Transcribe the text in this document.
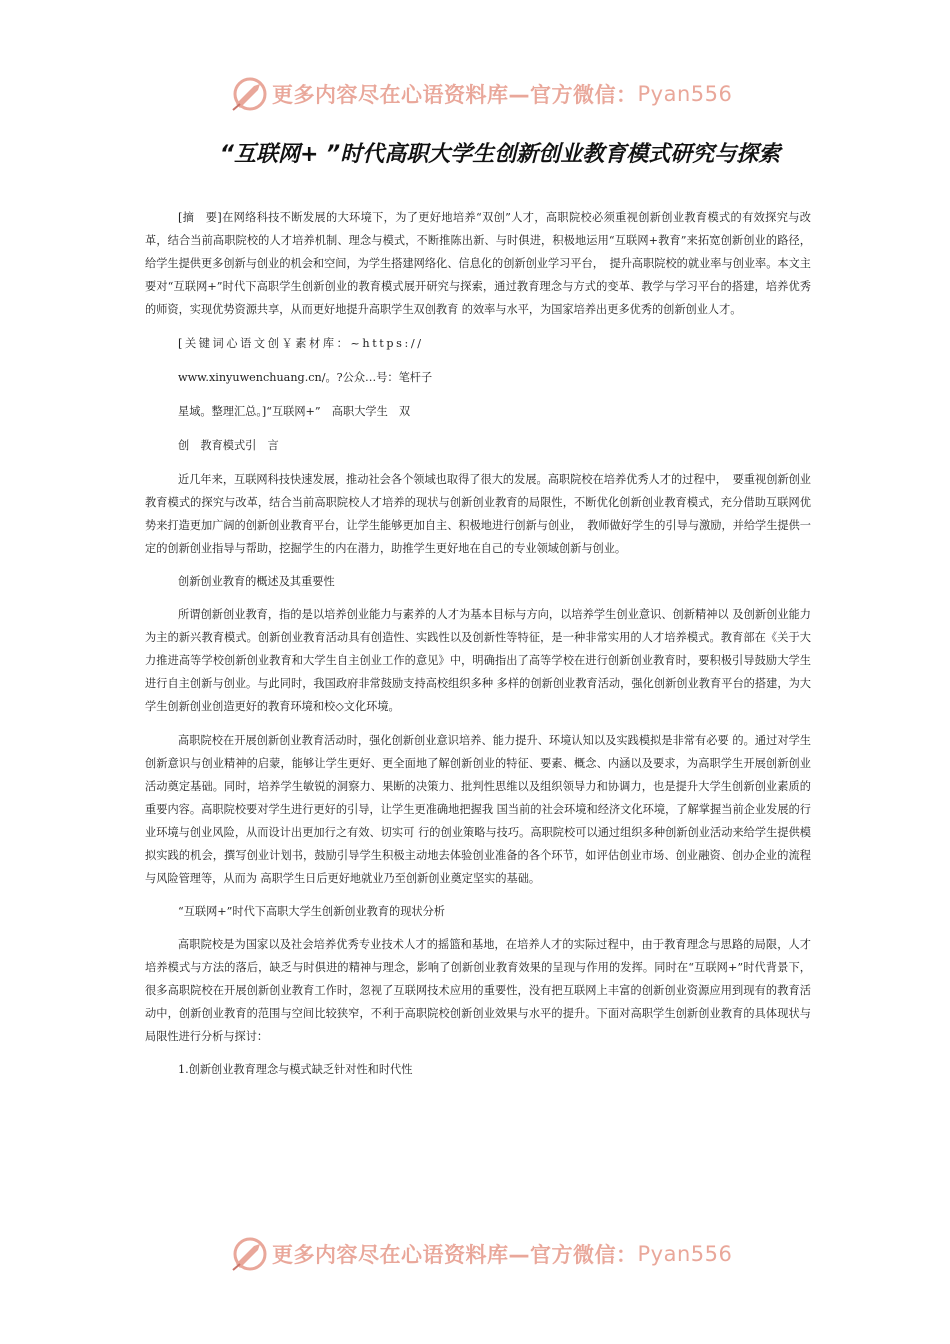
更多内容尽在心语资料库—官方微信： Pyan556
“互联网+ ”时代高职大学生创新创业教育模式研究与探索

[摘　要]在网络科技不断发展的大环境下，为了更好地培养“双创”人才，高职院校必须重视创新创业教育模式的有效探究与改革，结合当前高职院校的人才培养机制、理念与模式，不断推陈出新、与时俱进，积极地运用“互联网+教育”来拓宽创新创业的路径，给学生提供更多创新与创业的机会和空间，为学生搭建网络化、信息化的创新创业学习平台，　提升高职院校的就业率与创业率。本文主要对“互联网+”时代下高职学生创新创业的教育模式展开研究与探索，通过教育理念与方式的变革、教学与学习平台的搭建，培养优秀的师资，实现优势资源共享，从而更好地提升高职学生双创教育 的效率与水平，为国家培养出更多优秀的创新创业人才。

[关键词心语文创￥素材库：~https://

www.xinyuwenchuang.cn/。?公众…号：笔杆子

星域。整理汇总。]“互联网+”　高职大学生　双

创　教育模式引　言

近几年来，互联网科技快速发展，推动社会各个领域也取得了很大的发展。高职院校在培养优秀人才的过程中，　要重视创新创业教育模式的探究与改革，结合当前高职院校人才培养的现状与创新创业教育的局限性，不断优化创新创业教育模式，充分借助互联网优势来打造更加广阔的创新创业教育平台，让学生能够更加自主、积极地进行创新与创业，　教师做好学生的引导与激励，并给学生提供一定的创新创业指导与帮助，挖掘学生的内在潜力，助推学生更好地在自己的专业领域创新与创业。

创新创业教育的概述及其重要性

所谓创新创业教育，指的是以培养创业能力与素养的人才为基本目标与方向，以培养学生创业意识、创新精神以 及创新创业能力为主的新兴教育模式。创新创业教育活动具有创造性、实践性以及创新性等特征，是一种非常实用的人才培养模式。教育部在《关于大力推进高等学校创新创业教育和大学生自主创业工作的意见》中，明确指出了高等学校在进行创新创业教育时，要积极引导鼓励大学生进行自主创新与创业。与此同时，我国政府非常鼓励支持高校组织多种 多样的创新创业教育活动，强化创新创业教育平台的搭建，为大学生创新创业创造更好的教育环境和校◇文化环境。

高职院校在开展创新创业教育活动时，强化创新创业意识培养、能力提升、环境认知以及实践模拟是非常有必要 的。通过对学生创新意识与创业精神的启蒙，能够让学生更好、更全面地了解创新创业的特征、要素、概念、内涵以及要求，为高职学生开展创新创业活动奠定基础。同时，培养学生敏锐的洞察力、果断的决策力、批判性思维以及组织领导力和协调力，也是提升大学生创新创业素质的重要内容。高职院校要对学生进行更好的引导，让学生更准确地把握我 国当前的社会环境和经济文化环境，了解掌握当前企业发展的行业环境与创业风险，从而设计出更加行之有效、切实可 行的创业策略与技巧。高职院校可以通过组织多种创新创业活动来给学生提供模拟实践的机会，撰写创业计划书，鼓励引导学生积极主动地去体验创业准备的各个环节，如评估创业市场、创业融资、创办企业的流程与风险管理等，从而为 高职学生日后更好地就业乃至创新创业奠定坚实的基础。

“互联网+”时代下高职大学生创新创业教育的现状分析

高职院校是为国家以及社会培养优秀专业技术人才的摇篮和基地，在培养人才的实际过程中，由于教育理念与思路的局限，人才培养模式与方法的落后，缺乏与时俱进的精神与理念，影响了创新创业教育效果的呈现与作用的发挥。同时在“互联网+”时代背景下，很多高职院校在开展创新创业教育工作时，忽视了互联网技术应用的重要性，没有把互联网上丰富的创新创业资源应用到现有的教育活动中，创新创业教育的范围与空间比较狭窄，不利于高职院校创新创业效果与水平的提升。下面对高职学生创新创业教育的具体现状与局限性进行分析与探讨：

1.创新创业教育理念与模式缺乏针对性和时代性

更多内容尽在心语资料库—官方微信： Pyan556
